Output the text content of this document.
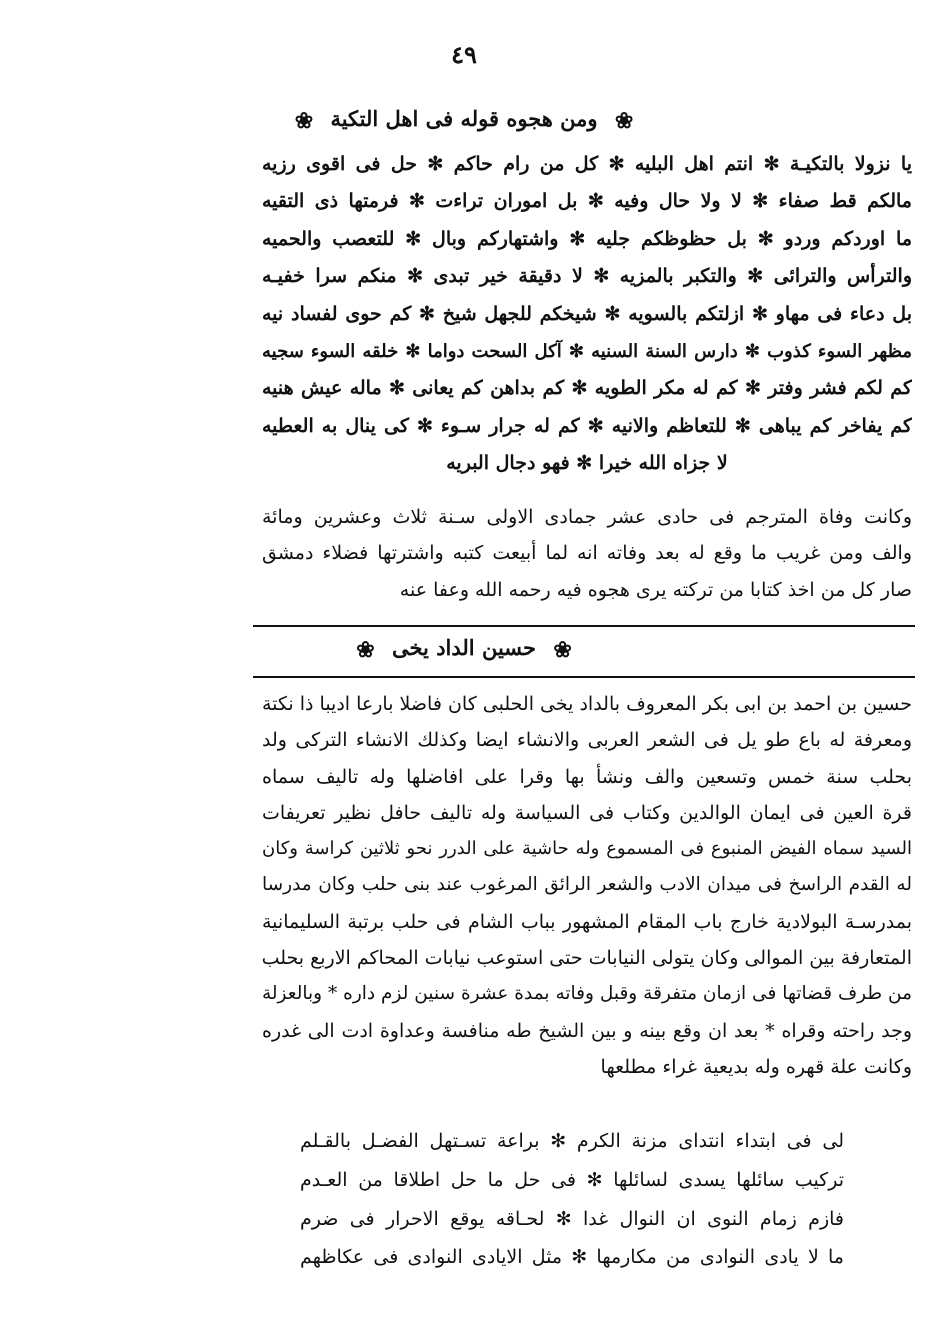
٤٩
❀ ومن هجوه قوله فى اهل التكية ❀
يا نزولا بالتكيـة ✻ انتم اهل البليه ✻ كل من رام حاكم ✻ حل فى اقوى رزيه
مالكم قط صفاء ✻ لا ولا حال وفيه ✻ بل اموران تراءت ✻ فرمتها ذى التقيه
ما اوردكم وردو ✻ بل حظوظكم جليه ✻ واشتهاركم وبال ✻ للتعصب والحميه
والترأس والترائى ✻ والتكبر بالمزيه ✻ لا دقيقة خير تبدى ✻ منكم سرا خفيـه
بل دعاء فى مهاو ✻ ازلتكم بالسويه ✻ شيخكم للجهل شيخ ✻ كم حوى لفساد نيه
مظهر السوء كذوب ✻ دارس السنة السنيه ✻ آكل السحت دواما ✻ خلقه السوء سجيه
كم لكم فشر وفتر ✻ كم له مكر الطويه ✻ كم بداهن كم يعانى ✻ ماله عيش هنيه
كم يفاخر كم يباهى ✻ للتعاظم والانيه ✻ كم له جرار سـوء ✻ كى ينال به العطيه
لا جزاه الله خيرا ✻ فهو دجال البريه
وكانت وفاة المترجم فى حادى عشر جمادى الاولى سـنة ثلاث وعشرين ومائة
والف ومن غريب ما وقع له بعد وفاته انه لما أبيعت كتبه واشترتها فضلاء دمشق
صار كل من اخذ كتابا من تركته يرى هجوه فيه رحمه الله وعفا عنه
❀ حسين الداد يخى ❀
حسين بن احمد بن ابى بكر المعروف بالداد يخى الحلبى كان فاضلا بارعا اديبا ذا نكتة
ومعرفة له باع طو يل فى الشعر العربى والانشاء ايضا وكذلك الانشاء التركى ولد
بحلب سنة خمس وتسعين والف ونشأ بها وقرا على افاضلها وله تاليف سماه
قرة العين فى ايمان الوالدين وكتاب فى السياسة وله تاليف حافل نظير تعريفات
السيد سماه الفيض المنبوع فى المسموع وله حاشية على الدرر نحو ثلاثين كراسة وكان
له القدم الراسخ فى ميدان الادب والشعر الرائق المرغوب عند بنى حلب وكان مدرسا
بمدرسـة البولادية خارج باب المقام المشهور بباب الشام فى حلب برتبة السليمانية
المتعارفة بين الموالى وكان يتولى النيابات حتى استوعب نيابات المحاكم الاربع بحلب
من طرف قضاتها فى ازمان متفرقة وقبل وفاته بمدة عشرة سنين لزم داره * وبالعزلة
وجد راحته وقراه * بعد ان وقع بينه و بين الشيخ طه منافسة وعداوة ادت الى غدره
وكانت علة قهره وله بديعية غراء مطلعها
لى فى ابتداء انتداى مزنة الكرم ✻ براعة تسـتهل الفضـل بالقـلم
تركيب سائلها يسدى لسائلها ✻ فى حل ما حل اطلاقا من العـدم
فازم زمام النوى ان النوال غدا ✻ لحـاقه يوقع الاحرار فى ضرم
ما لا يادى النوادى من مكارمها ✻ مثل الايادى النوادى فى عكاظهم
